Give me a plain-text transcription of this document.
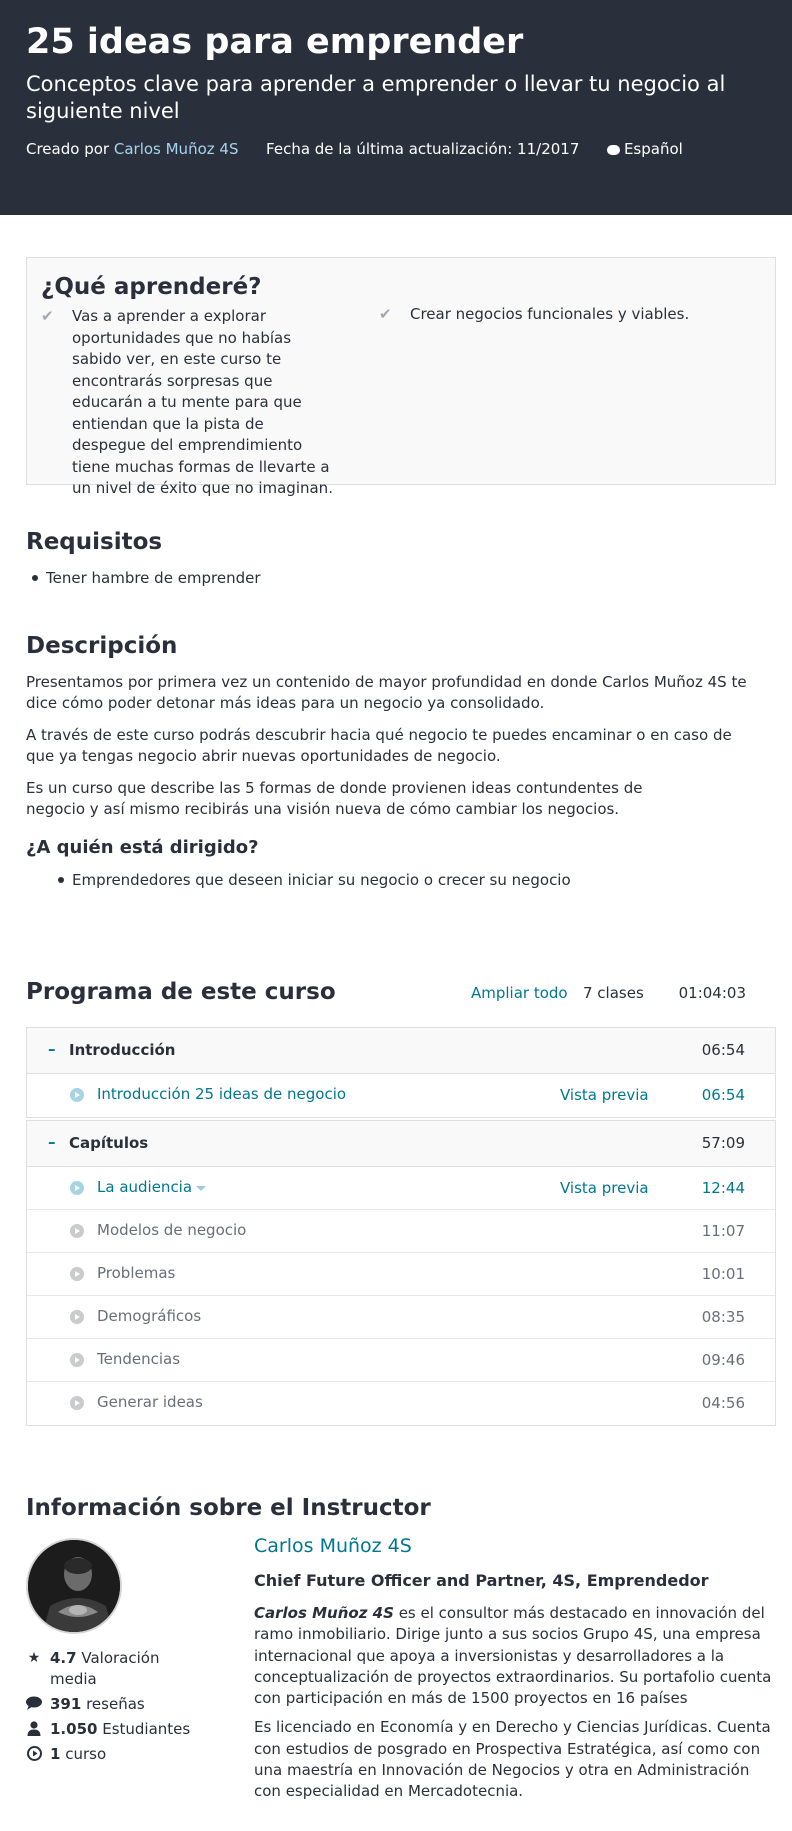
25 ideas para emprender
Conceptos clave para aprender a emprender o llevar tu negocio al siguiente nivel
Creado por Carlos Muñoz 4S Fecha de la última actualización: 11/2017	Español
¿Qué aprenderé?
✔ Vas a aprender a explorar oportunidades que no habías sabido ver, en este curso te encontrarás sorpresas que educarán a tu mente para que entiendan que la pista de despegue del emprendimiento tiene muchas formas de llevarte a un nivel de éxito que no imaginan.
✔ Crear negocios funcionales y viables.
Requisitos
Tener hambre de emprender
Descripción

Presentamos por primera vez un contenido de mayor profundidad en donde Carlos Muñoz 4S te dice cómo poder detonar más ideas para un negocio ya consolidado.

A través de este curso podrás descubrir hacia qué negocio te puedes encaminar o en caso de que ya tengas negocio abrir nuevas oportunidades de negocio.

Es un curso que describe las 5 formas de donde provienen ideas contundentes de negocio y así mismo recibirás una visión nueva de cómo cambiar los negocios.

¿A quién está dirigido?
Emprendedores que deseen iniciar su negocio o crecer su negocio
Programa de este curso	Ampliar todo 7 clases 01:04:03
– Introducción	06:54
Introducción 25 ideas de negocio	Vista previa	06:54
– Capítulos	57:09
La audiencia	Vista previa	12:44
Modelos de negocio	11:07
Problemas	10:01
Demográficos	08:35
Tendencias	09:46
Generar ideas	04:56
Información sobre el Instructor
★ 4.7 Valoración media
391 reseñas
1.050 Estudiantes
1 curso
Carlos Muñoz 4S
Chief Future Officer and Partner, 4S, Emprendedor

Carlos Muñoz 4S es el consultor más destacado en innovación del ramo inmobiliario. Dirige junto a sus socios Grupo 4S, una empresa internacional que apoya a inversionistas y desarrolladores a la conceptualización de proyectos extraordinarios. Su portafolio cuenta con participación en más de 1500 proyectos en 16 países

Es licenciado en Economía y en Derecho y Ciencias Jurídicas. Cuenta con estudios de posgrado en Prospectiva Estratégica, así como con una maestría en Innovación de Negocios y otra en Administración con especialidad en Mercadotecnia.
